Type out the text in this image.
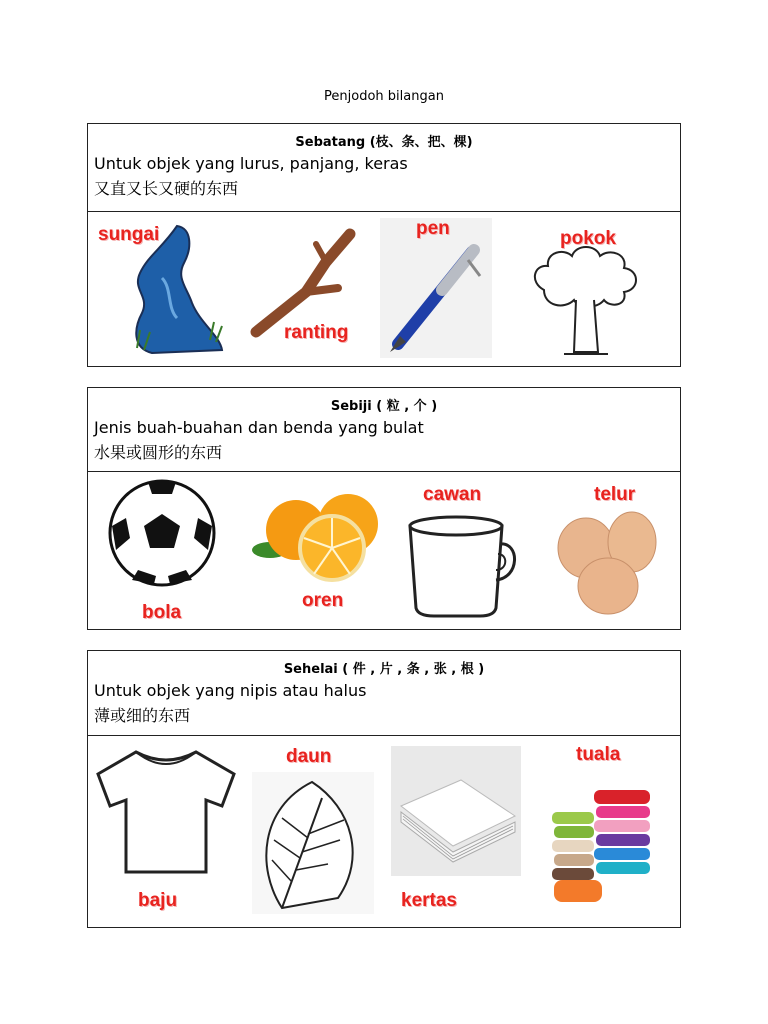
Penjodoh bilangan
Sebatang (枝、条、把、棵)
Untuk objek yang lurus, panjang, keras
又直又长又硬的东西
sungai
ranting
pen	pokok
Sebiji ( 粒 , 个 )
Jenis buah-buahan dan benda yang bulat
水果或圆形的东西
bola
oren
cawan	telur
Sehelai ( 件 , 片 , 条 , 张 , 根 )
Untuk objek yang nipis atau halus
薄或细的东西
baju
daun
kertas
tuala
